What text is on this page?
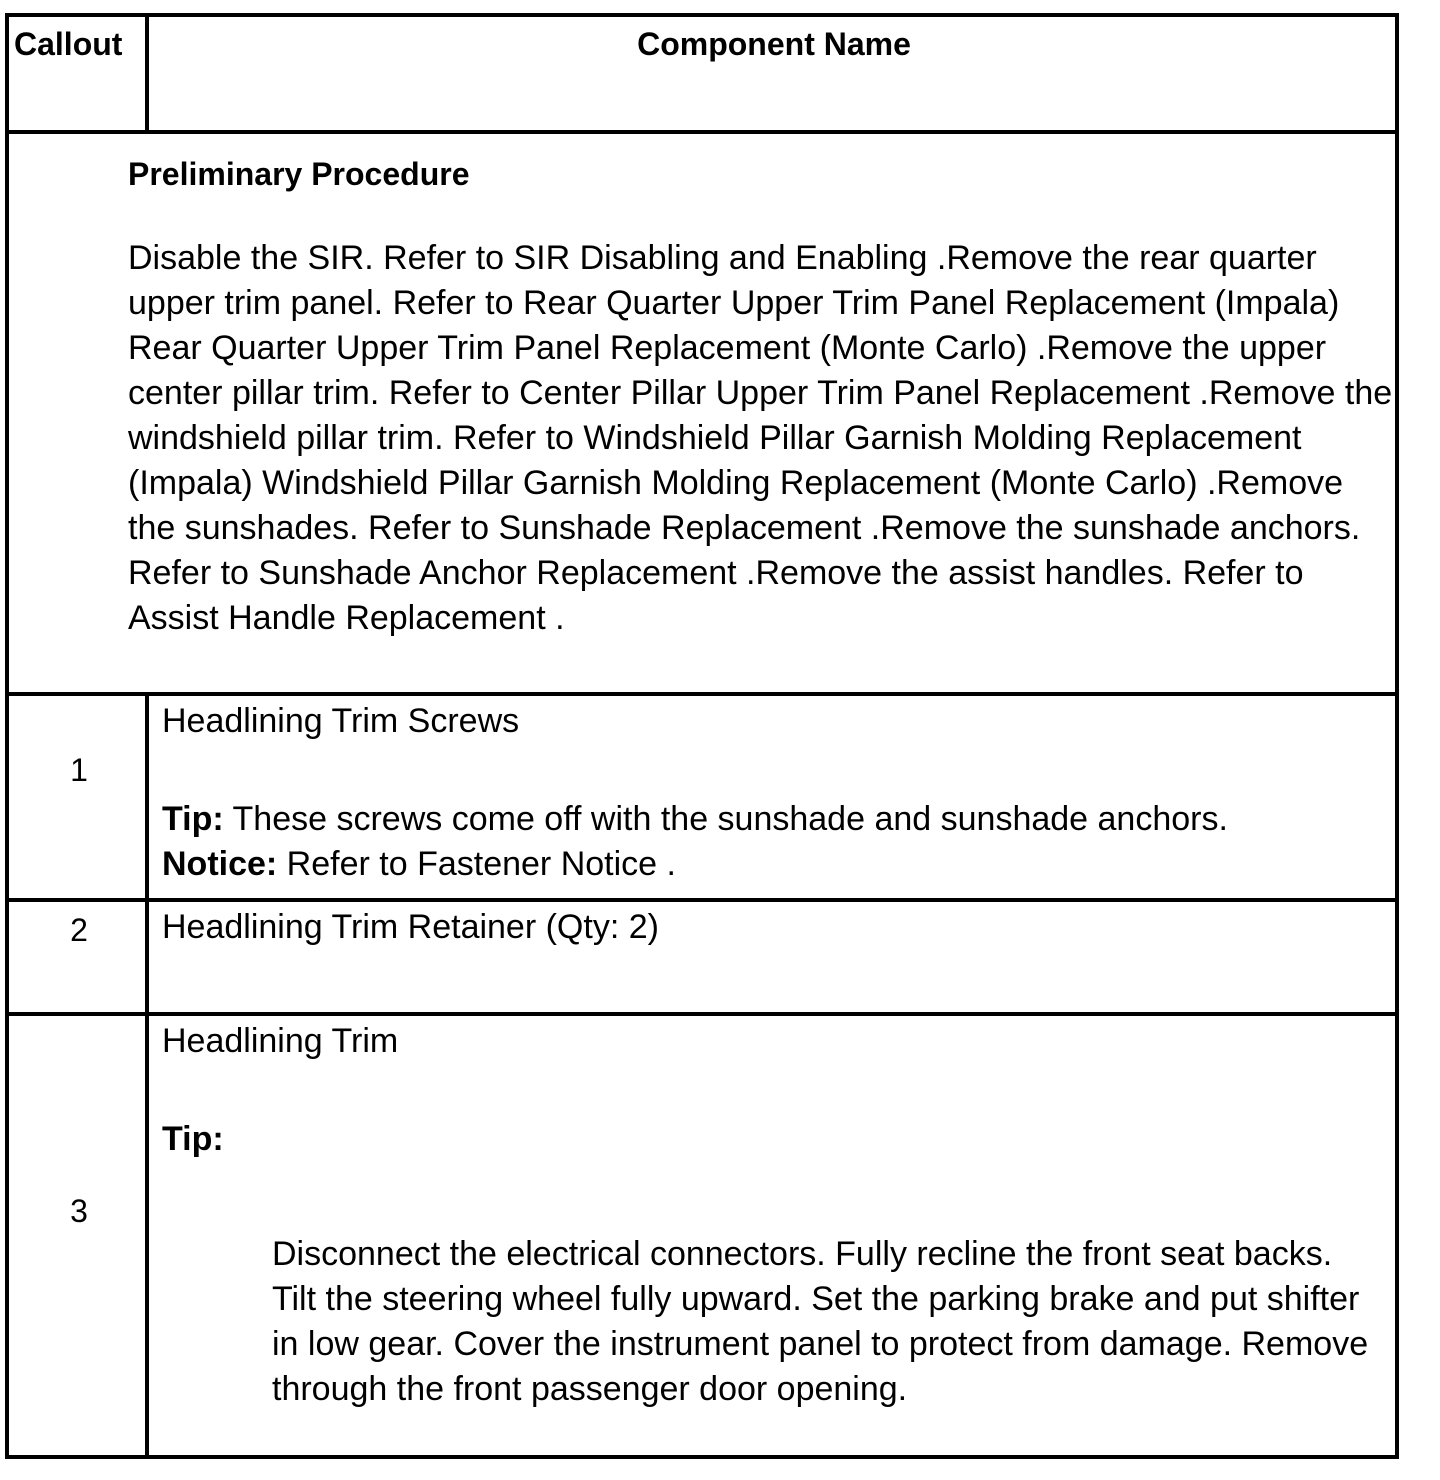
Callout	Component Name

Preliminary Procedure

Disable the SIR. Refer to SIR Disabling and Enabling .Remove the rear quarter upper trim panel. Refer to Rear Quarter Upper Trim Panel Replacement (Impala) Rear Quarter Upper Trim Panel Replacement (Monte Carlo) .Remove the upper center pillar trim. Refer to Center Pillar Upper Trim Panel Replacement .Remove the windshield pillar trim. Refer to Windshield Pillar Garnish Molding Replacement (Impala) Windshield Pillar Garnish Molding Replacement (Monte Carlo) .Remove the sunshades. Refer to Sunshade Replacement .Remove the sunshade anchors. Refer to Sunshade Anchor Replacement .Remove the assist handles. Refer to Assist Handle Replacement .

1

Headlining Trim Screws

Tip: These screws come off with the sunshade and sunshade anchors.

Notice: Refer to Fastener Notice .

2	Headlining Trim Retainer (Qty: 2)

3

Headlining Trim

Tip:

Disconnect the electrical connectors. Fully recline the front seat backs. Tilt the steering wheel fully upward. Set the parking brake and put shifter in low gear. Cover the instrument panel to protect from damage. Remove through the front passenger door opening.
